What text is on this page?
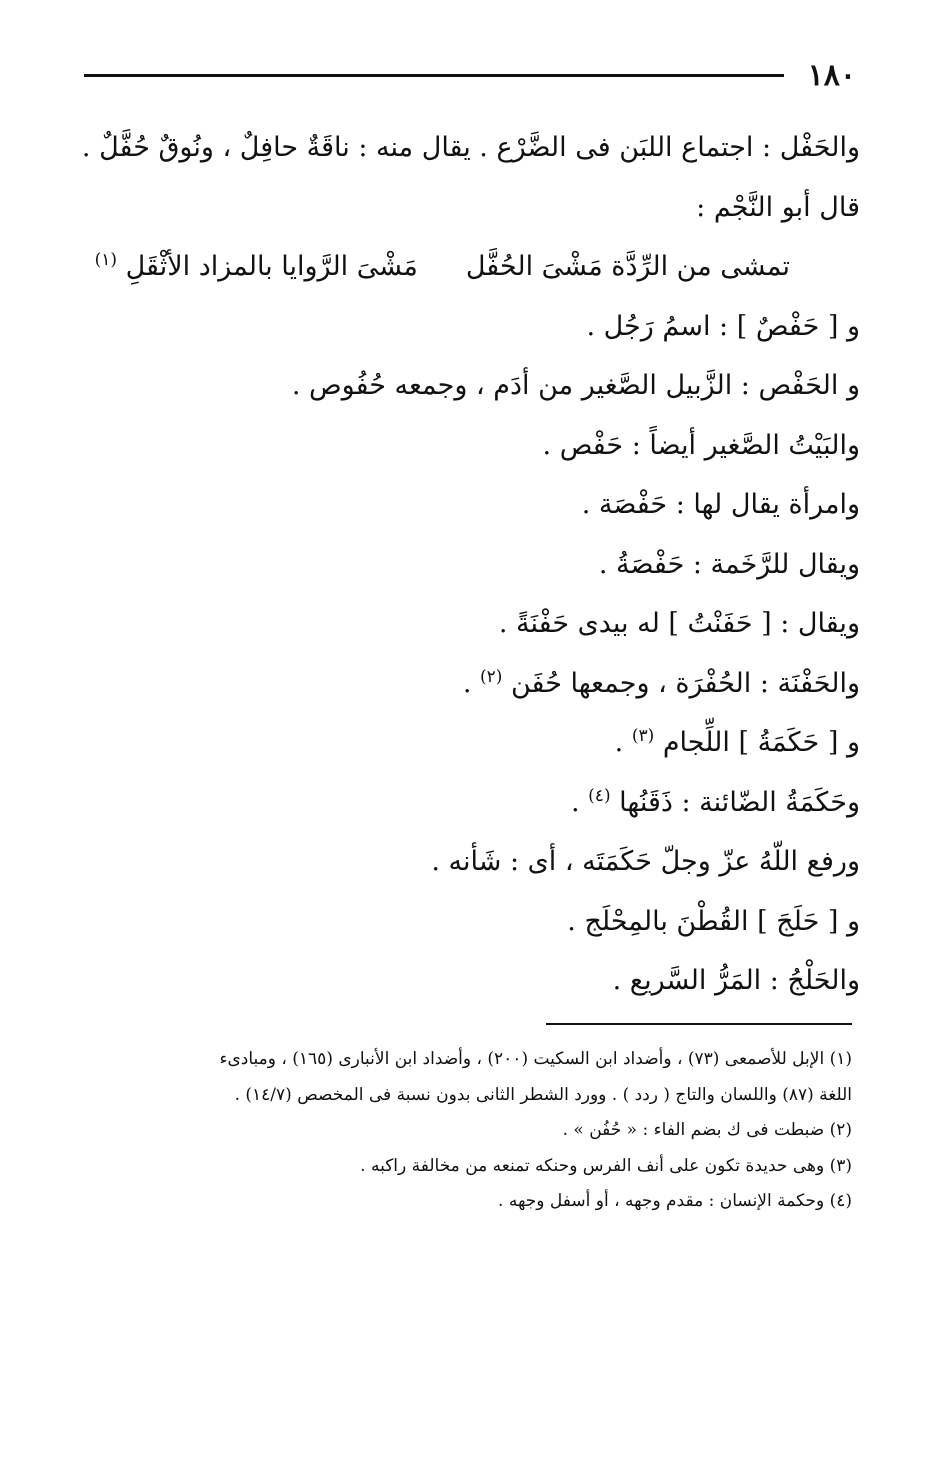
١٨٠
والحَفْل : اجتماع اللبَن فى الضَّرْع . يقال منه : ناقَةٌ حافِلٌ ، ونُوقٌ حُفَّلٌ .
قال أبو النَّجْم :
تمشى من الرِّدَّة مَشْىَ الحُفَّل
مَشْىَ الرَّوايا بالمزاد الأثْقَلِ $^{(١)}$
و [ حَفْصٌ ] : اسمُ رَجُل .
و الحَفْص : الزَّبيل الصَّغير من أدَم ، وجمعه حُفُوص .
والبَيْتُ الصَّغير أيضاً : حَفْص .
وامرأة يقال لها : حَفْصَة .
ويقال للرَّخَمة : حَفْصَةُ .
ويقال : [ حَفَنْتُ ] له بيدى حَفْنَةً .
والحَفْنَة : الحُفْرَة ، وجمعها حُفَن $^{(٢)}$ .
و [ حَكَمَةُ ] اللِّجام $^{(٣)}$ .
وحَكَمَةُ الضّائنة : ذَقَنُها $^{(٤)}$ .
ورفع اللّهُ عزّ وجلّ حَكَمَتَه ، أى : شَأنه .
و [ حَلَجَ ] القُطْنَ بالمِحْلَج .
والحَلْجُ : المَرُّ السَّريع .
(١) الإبل للأصمعى (٧٣) ، وأضداد ابن السكيت (٢٠٠) ، وأضداد ابن الأنبارى (١٦٥) ، ومبادىء
اللغة (٨٧) واللسان والتاج ( ردد ) . وورد الشطر الثانى بدون نسبة فى المخصص (١٤/٧) .
(٢) ضبطت فى ك بضم الفاء : « حُفُن » .
(٣) وهى حديدة تكون على أنف الفرس وحنكه تمنعه من مخالفة راكبه .
(٤) وحكمة الإنسان : مقدم وجهه ، أو أسفل وجهه .
